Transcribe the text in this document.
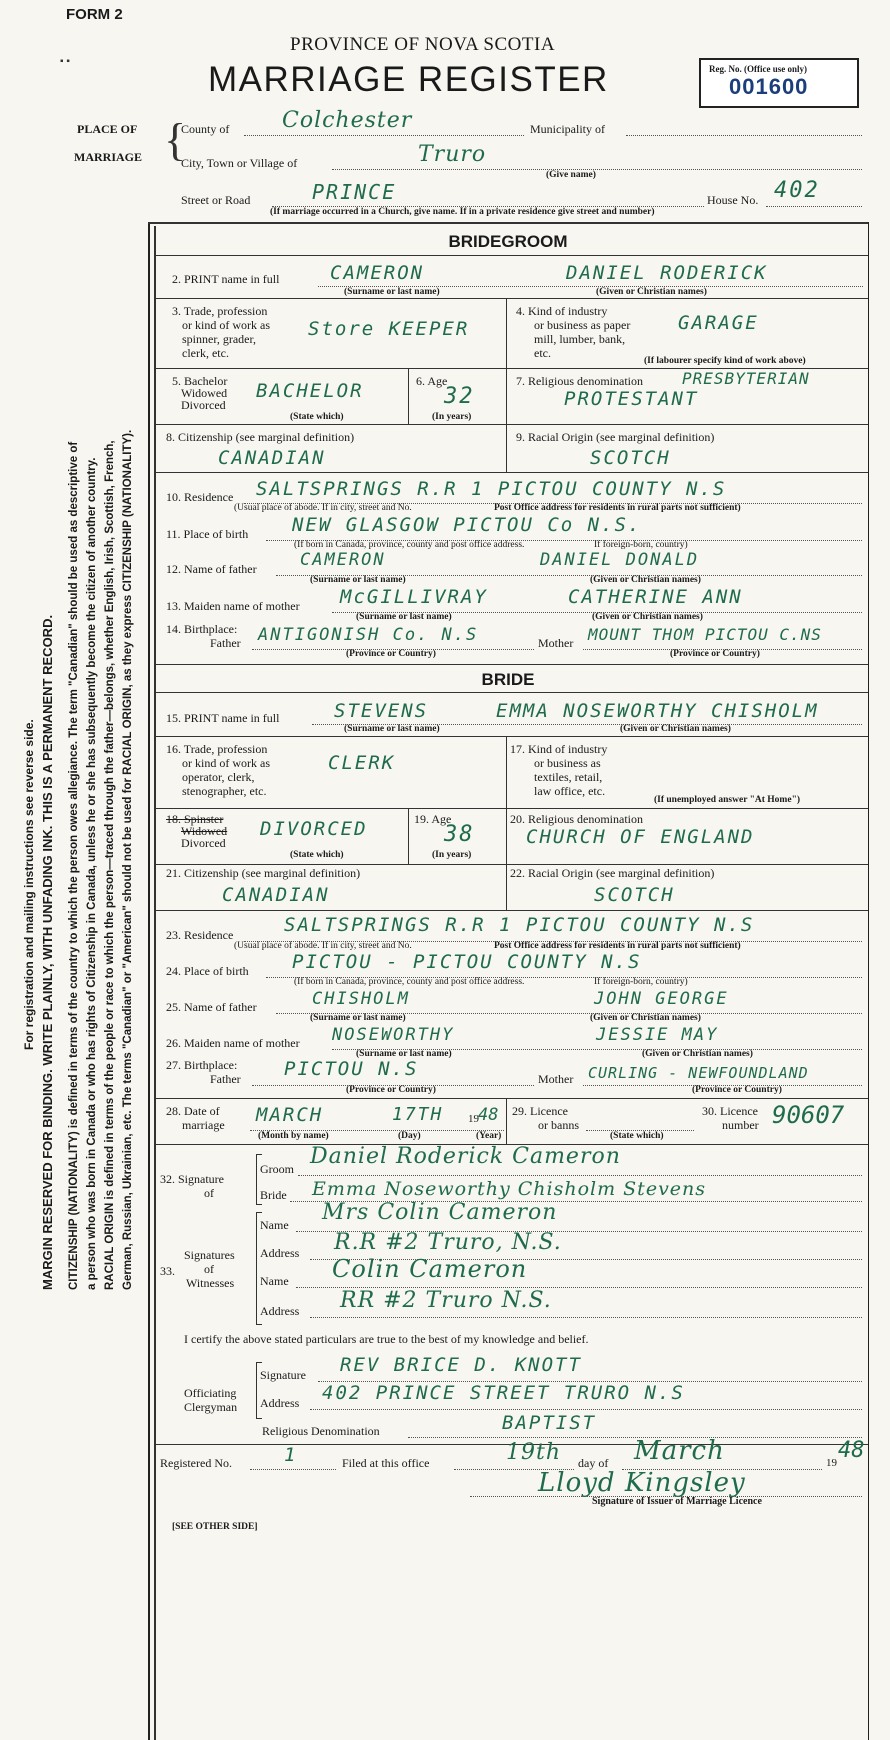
FORM 2
▪ ▪
PROVINCE OF NOVA SCOTIA
MARRIAGE REGISTER	Reg. No. (Office use only)
001600
PLACE OF
MARRIAGE {
County of Colchester	Municipality of
City, Town or Village of	Truro
(Give name)
Street or Road	PRINCE	House No. 402
(If marriage occurred in a Church, give name. If in a private residence give street and number)
For registration and mailing instructions see reverse side. MARGIN RESERVED FOR BINDING. WRITE PLAINLY, WITH UNFADING INK. THIS IS A PERMANENT RECORD. CITIZENSHIP (NATIONALITY) is defined in terms of the country to which the person owes allegiance. The term "Canadian" should be used as descriptive of a person who was born in Canada or who has rights of Citizenship in Canada, unless he or she has subsequently become the citizen of another country. RACIAL ORIGIN is defined in terms of the people or race to which the person—traced through the father—belongs, whether English, Irish, Scottish, French, German, Russian, Ukrainian, etc. The terms "Canadian" or "American" should not be used for RACIAL ORIGIN, as they express CITIZENSHIP (NATIONALITY).
BRIDEGROOM
2. PRINT name in full	CAMERON	DANIEL RODERICK
(Surname or last name)	(Given or Christian names)
3. Trade, profession
or kind of work as
spinner, grader,
clerk, etc.
Store KEEPER
4. Kind of industry
or business as paper
mill, lumber, bank,
etc.
GARAGE
(If labourer specify kind of work above)
5. Bachelor
Widowed
Divorced
BACHELOR
(State which)
6. Age
32
(In years)
7. Religious denomination PRESBYTERIAN
PROTESTANT
8. Citizenship (see marginal definition)
CANADIAN
9. Racial Origin (see marginal definition)
SCOTCH
10. Residence SALTSPRINGS R.R 1 PICTOU COUNTY N.S
(Usual place of abode. If in city, street and No.	Post Office address for residents in rural parts not sufficient)
11. Place of birth NEW GLASGOW PICTOU Co N.S.
(If born in Canada, province, county and post office address.	If foreign-born, country)
12. Name of father	CAMERON	DANIEL DONALD
(Surname or last name)	(Given or Christian names)
13. Maiden name of mother McGILLIVRAY	CATHERINE ANN
(Surname or last name)	(Given or Christian names)
14. Birthplace:
Father ANTIGONISH Co. N.S	Mother MOUNT THOM PICTOU C.NS
(Province or Country)	(Province or Country)
BRIDE
15. PRINT name in full	STEVENS	EMMA NOSEWORTHY CHISHOLM
(Surname or last name)	(Given or Christian names)
16. Trade, profession
or kind of work as
operator, clerk,
stenographer, etc.
CLERK
17. Kind of industry
or business as
textiles, retail,
law office, etc.
(If unemployed answer "At Home")
18. Spinster
Widowed
Divorced
DIVORCED
(State which)
19. Age
38
(In years)
20. Religious denomination
CHURCH OF ENGLAND
21. Citizenship (see marginal definition)
CANADIAN
22. Racial Origin (see marginal definition)
SCOTCH
23. Residence	SALTSPRINGS R.R 1 PICTOU COUNTY N.S
(Usual place of abode. If in city, street and No.	Post Office address for residents in rural parts not sufficient)
24. Place of birth PICTOU - PICTOU COUNTY N.S
(If born in Canada, province, county and post office address.	If foreign-born, country)
25. Name of father	CHISHOLM	JOHN GEORGE
(Surname or last name)	(Given or Christian names)
26. Maiden name of mother NOSEWORTHY	JESSIE MAY
(Surname or last name)	(Given or Christian names)
27. Birthplace:
Father PICTOU N.S	Mother CURLING - NEWFOUNDLAND
(Province or Country)	(Province or Country)
28. Date of
marriage MARCH	17TH 19 48
(Month by name)	(Day)	(Year)
29. Licence
or banns
(State which)
30. Licence
number 90607
32. Signature
of
Groom Daniel Roderick Cameron
Bride Emma Noseworthy Chisholm Stevens
33.
Signatures
of
Witnesses
Name Mrs Colin Cameron
Address R.R #2 Truro, N.S.
Name Colin Cameron
Address RR #2 Truro N.S.
I certify the above stated particulars are true to the best of my knowledge and belief.
Officiating
Clergyman
Signature REV BRICE D. KNOTT
Address 402 PRINCE STREET TRURO N.S
Religious Denomination	BAPTIST
Registered No.	1	Filed at this office	19th day of March	19 48
Lloyd Kingsley
Signature of Issuer of Marriage Licence
[SEE OTHER SIDE]
